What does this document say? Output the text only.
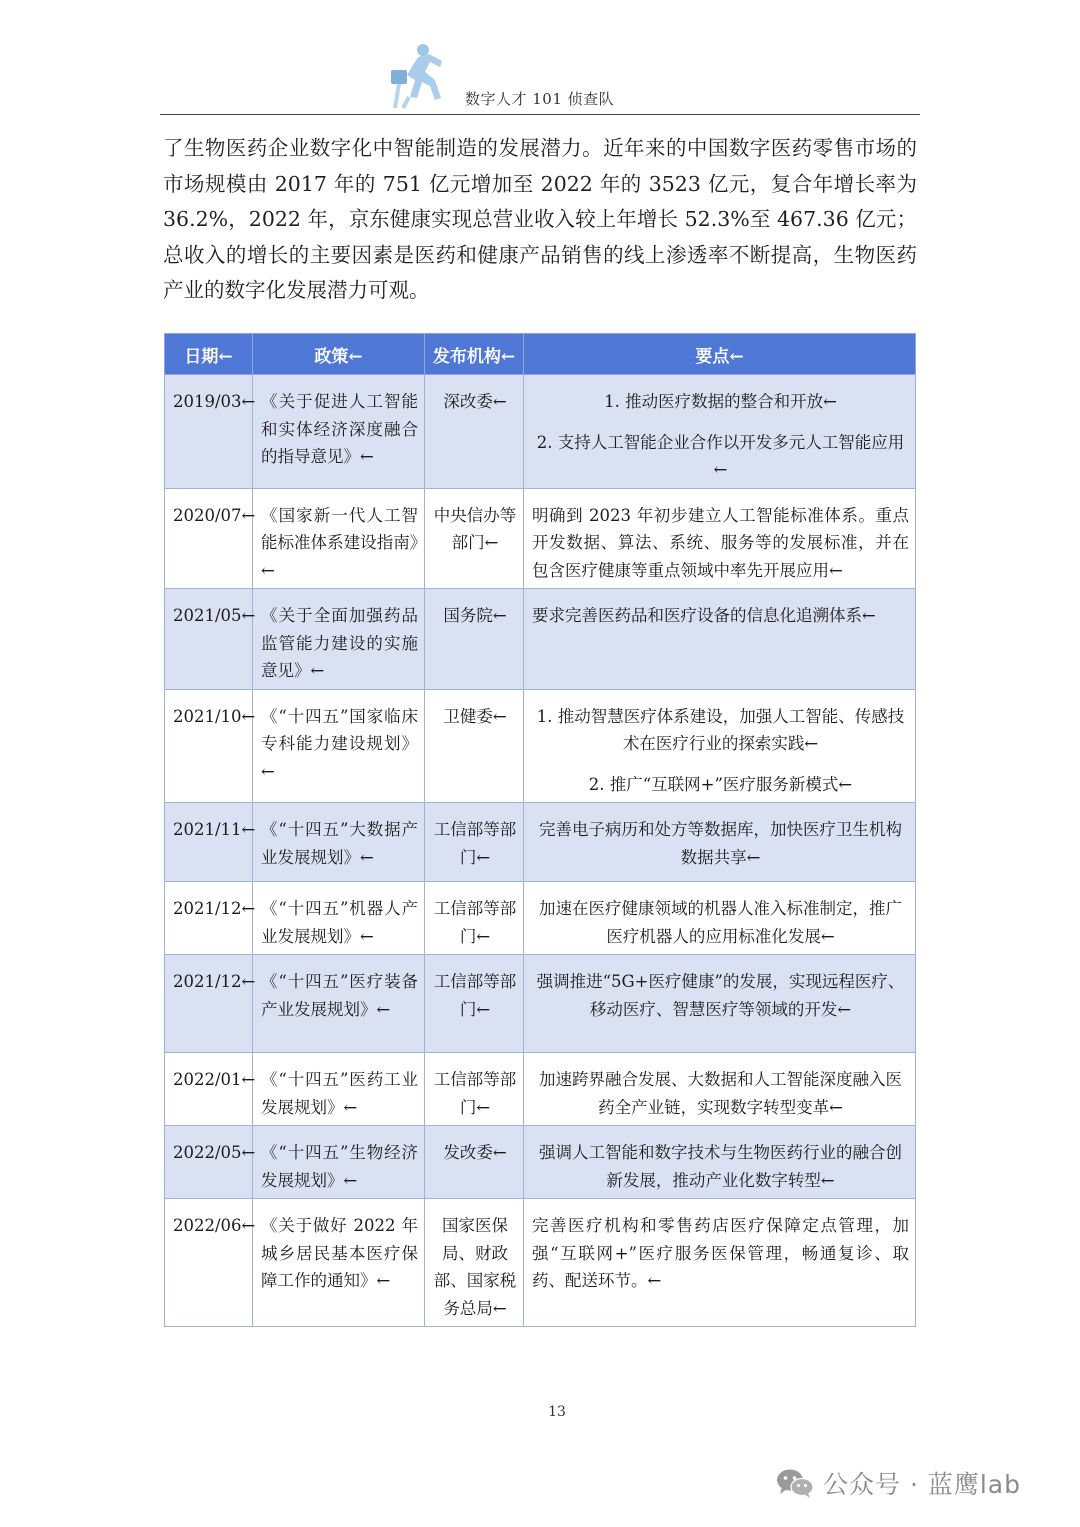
数字人才 101 侦查队

了生物医药企业数字化中智能制造的发展潜力。近年来的中国数字医药零售市场的市场规模由 2017 年的 751 亿元增加至 2022 年的 3523 亿元，复合年增长率为 36.2%，2022 年，京东健康实现总营业收入较上年增长 52.3%至 467.36 亿元；总收入的增长的主要因素是医药和健康产品销售的线上渗透率不断提高，生物医药产业的数字化发展潜力可观。

日期←	政策←	发布机构←	要点←
2019/03←	《关于促进人工智能和实体经济深度融合的指导意见》←	深改委←	1. 推动医疗数据的整合和开放←
2. 支持人工智能企业合作以开发多元人工智能应用←

2020/07←	《国家新一代人工智能标准体系建设指南》←	中央信办等部门←	明确到 2023 年初步建立人工智能标准体系。重点开发数据、算法、系统、服务等的发展标准，并在包含医疗健康等重点领域中率先开展应用←

2021/05←	《关于全面加强药品监管能力建设的实施意见》←	国务院←	要求完善医药品和医疗设备的信息化追溯体系←

2021/10←	《“十四五”国家临床专科能力建设规划》←	卫健委←	1. 推动智慧医疗体系建设，加强人工智能、传感技术在医疗行业的探索实践←
2. 推广“互联网+”医疗服务新模式←

2021/11←	《“十四五”大数据产业发展规划》←	工信部等部门←	完善电子病历和处方等数据库，加快医疗卫生机构数据共享←

2021/12←	《“十四五”机器人产业发展规划》←	工信部等部门←	加速在医疗健康领域的机器人准入标准制定，推广医疗机器人的应用标准化发展←

2021/12←	《“十四五”医疗装备产业发展规划》←	工信部等部门←	强调推进“5G+医疗健康”的发展，实现远程医疗、移动医疗、智慧医疗等领域的开发←

2022/01←	《“十四五”医药工业发展规划》←	工信部等部门←	加速跨界融合发展、大数据和人工智能深度融入医药全产业链，实现数字转型变革←

2022/05←	《“十四五”生物经济发展规划》←	发改委←	强调人工智能和数字技术与生物医药行业的融合创新发展，推动产业化数字转型←

2022/06←	《关于做好 2022 年城乡居民基本医疗保障工作的通知》←	国家医保局、财政部、国家税务总局←	完善医疗机构和零售药店医疗保障定点管理，加强“互联网+”医疗服务医保管理，畅通复诊、取药、配送环节。←
13
公众号 · 蓝鹰lab
